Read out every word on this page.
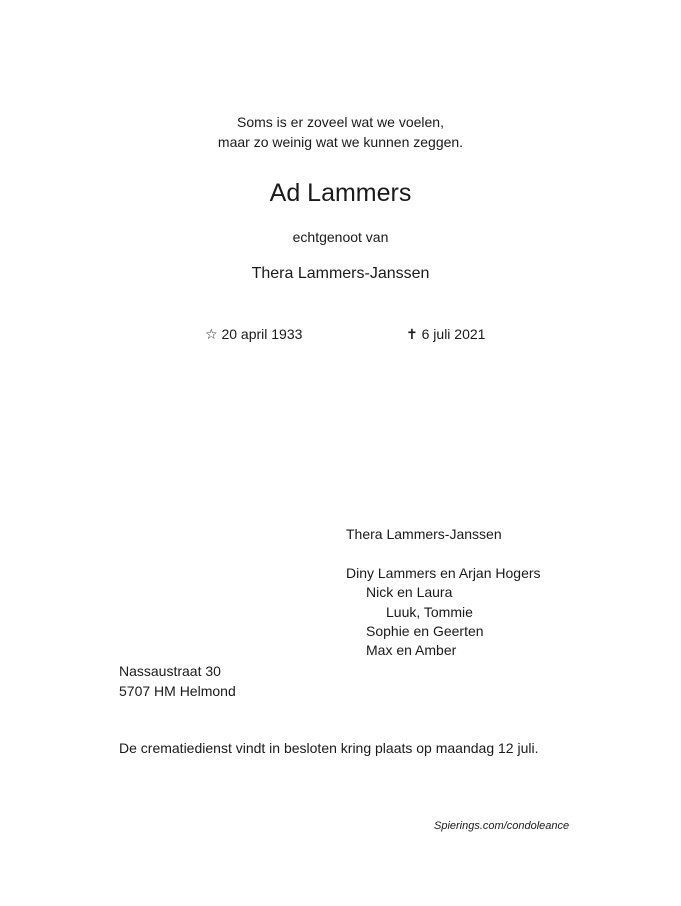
Soms is er zoveel wat we voelen,
maar zo weinig wat we kunnen zeggen.
Ad Lammers
echtgenoot van
Thera Lammers-Janssen
☆ 20 april 1933	✝ 6 juli 2021
Thera Lammers-Janssen
Diny Lammers en Arjan Hogers
Nick en Laura
Luuk, Tommie
Sophie en Geerten
Max en Amber
Nassaustraat 30
5707 HM Helmond
De crematiedienst vindt in besloten kring plaats op maandag 12 juli.
Spierings.com/condoleance
